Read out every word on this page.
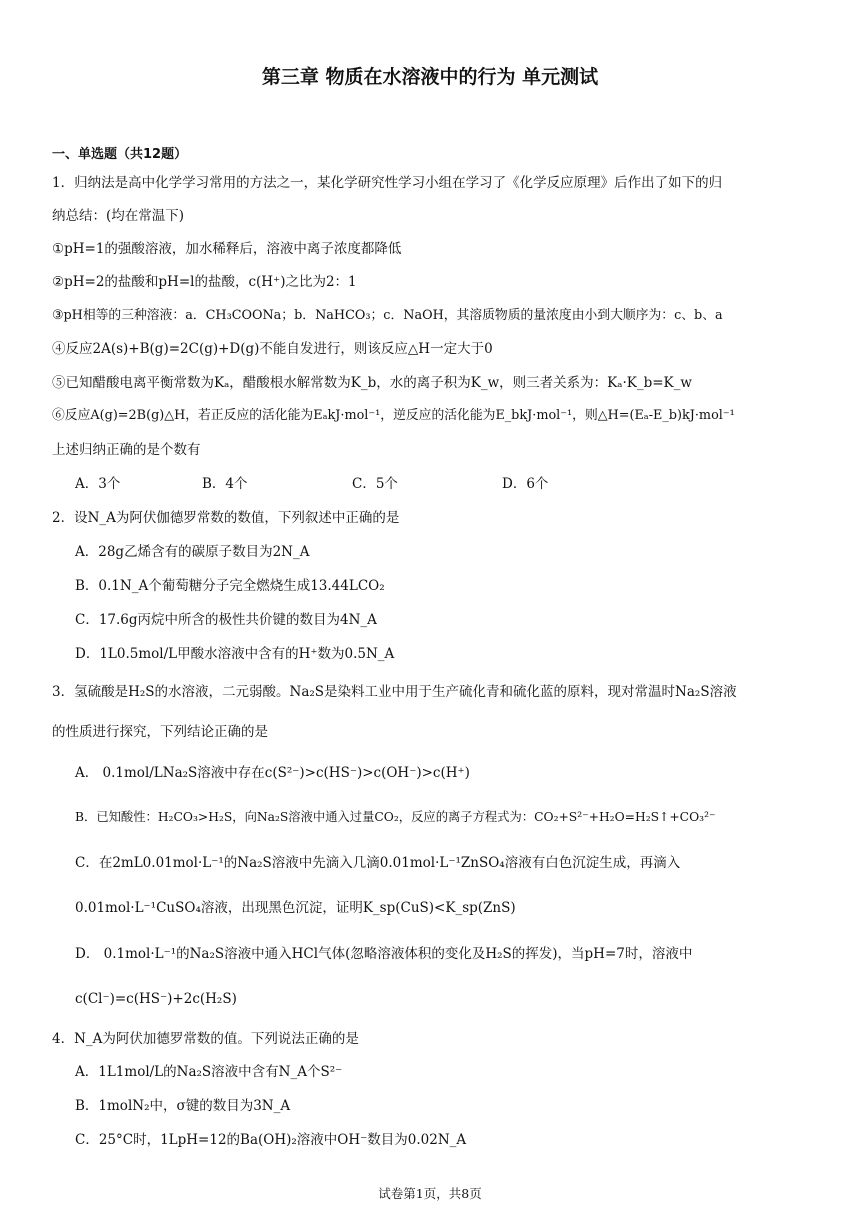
第三章 物质在水溶液中的行为 单元测试
一、单选题（共12题）
1．归纳法是高中化学学习常用的方法之一，某化学研究性学习小组在学习了《化学反应原理》后作出了如下的归
纳总结：(均在常温下)
①pH=1的强酸溶液，加水稀释后，溶液中离子浓度都降低
②pH=2的盐酸和pH=l的盐酸，c(H⁺)之比为2：1
③pH相等的三种溶液：a．CH₃COONa；b．NaHCO₃；c．NaOH，其溶质物质的量浓度由小到大顺序为：c、b、a
④反应2A(s)+B(g)=2C(g)+D(g)不能自发进行，则该反应△H一定大于0
⑤已知醋酸电离平衡常数为Kₐ，醋酸根水解常数为K_b，水的离子积为K_w，则三者关系为：Kₐ·K_b=K_w
⑥反应A(g)=2B(g)△H，若正反应的活化能为EₐkJ·mol⁻¹，逆反应的活化能为E_bkJ·mol⁻¹，则△H=(Eₐ-E_b)kJ·mol⁻¹
上述归纳正确的是个数有
A．3个	B．4个	C．5个	D．6个
2．设N_A为阿伏伽德罗常数的数值，下列叙述中正确的是
A．28g乙烯含有的碳原子数目为2N_A
B．0.1N_A个葡萄糖分子完全燃烧生成13.44LCO₂
C．17.6g丙烷中所含的极性共价键的数目为4N_A
D．1L0.5mol/L甲酸水溶液中含有的H⁺数为0.5N_A
3．氢硫酸是H₂S的水溶液，二元弱酸。Na₂S是染料工业中用于生产硫化青和硫化蓝的原料，现对常温时Na₂S溶液
的性质进行探究，下列结论正确的是
A． 0.1mol/LNa₂S溶液中存在c(S²⁻)>c(HS⁻)>c(OH⁻)>c(H⁺)
B．已知酸性：H₂CO₃>H₂S，向Na₂S溶液中通入过量CO₂，反应的离子方程式为：CO₂+S²⁻+H₂O=H₂S↑+CO₃²⁻
C．在2mL0.01mol·L⁻¹的Na₂S溶液中先滴入几滴0.01mol·L⁻¹ZnSO₄溶液有白色沉淀生成，再滴入
0.01mol·L⁻¹CuSO₄溶液，出现黑色沉淀，证明K_sp(CuS)<K_sp(ZnS)
D． 0.1mol·L⁻¹的Na₂S溶液中通入HCl气体(忽略溶液体积的变化及H₂S的挥发)，当pH=7时，溶液中
c(Cl⁻)=c(HS⁻)+2c(H₂S)
4．N_A为阿伏加德罗常数的值。下列说法正确的是
A．1L1mol/L的Na₂S溶液中含有N_A个S²⁻
B．1molN₂中，σ键的数目为3N_A
C．25°C时，1LpH=12的Ba(OH)₂溶液中OH⁻数目为0.02N_A
试卷第1页，共8页
